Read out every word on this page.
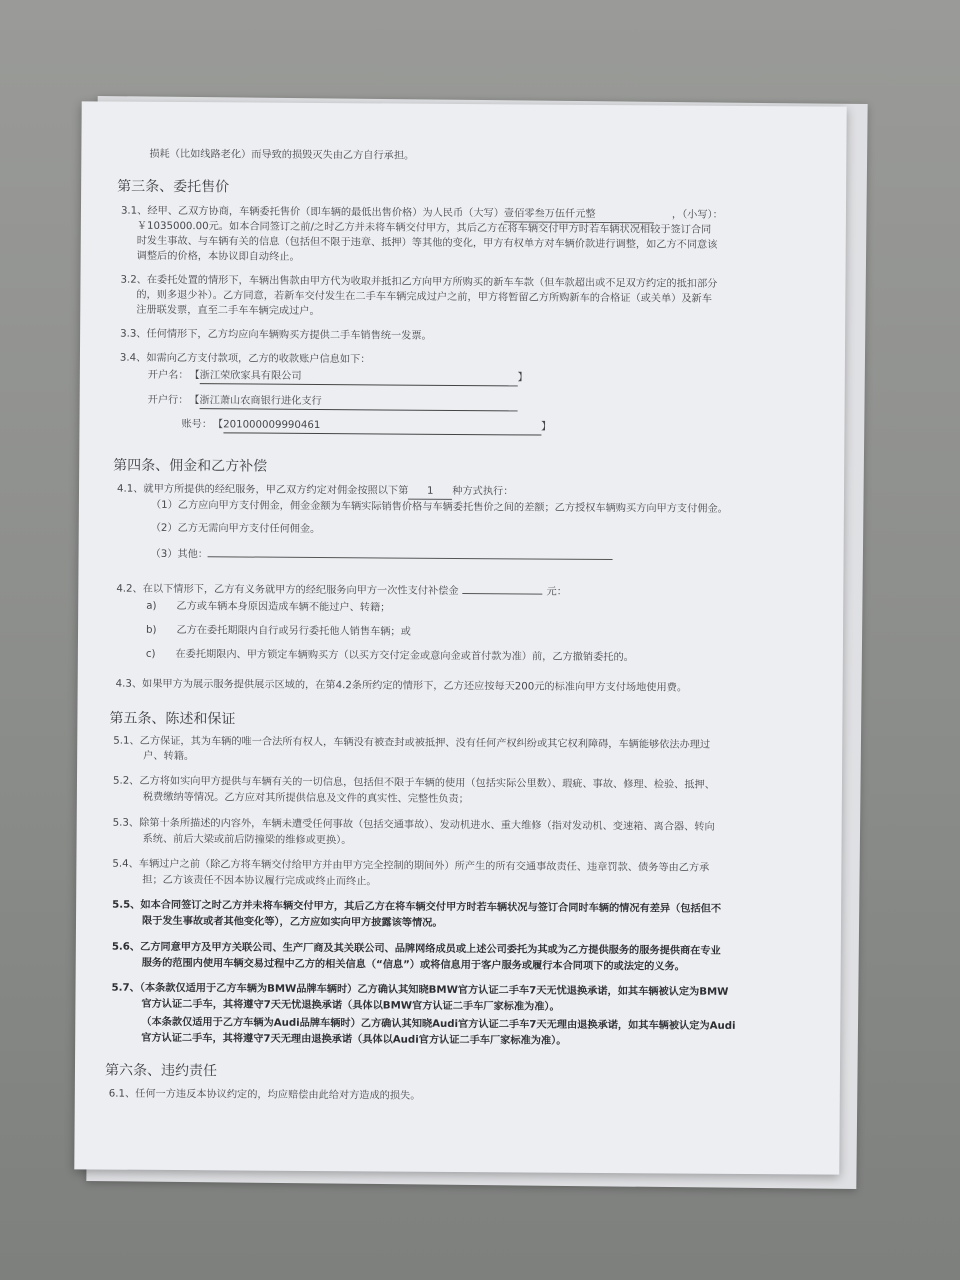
损耗（比如线路老化）而导致的损毁灭失由乙方自行承担。
第三条、委托售价
3.1、经甲、乙双方协商，车辆委托售价（即车辆的最低出售价格）为人民币（大写）壹佰零叁万伍仟元整	，（小写）：
￥1035000.00元。如本合同签订之前/之时乙方并未将车辆交付甲方，其后乙方在将车辆交付甲方时若车辆状况相较于签订合同
时发生事故、与车辆有关的信息（包括但不限于违章、抵押）等其他的变化，甲方有权单方对车辆价款进行调整，如乙方不同意该
调整后的价格，本协议即自动终止。
3.2、在委托处置的情形下，车辆出售款由甲方代为收取并抵扣乙方向甲方所购买的新车车款（但车款超出或不足双方约定的抵扣部分
的，则多退少补）。乙方同意，若新车交付发生在二手车车辆完成过户之前，甲方将暂留乙方所购新车的合格证（或关单）及新车
注册联发票，直至二手车车辆完成过户。
3.3、任何情形下，乙方均应向车辆购买方提供二手车销售统一发票。
3.4、如需向乙方支付款项，乙方的收款账户信息如下：
开户名： 【浙江荣欣家具有限公司	】
开户行： 【浙江萧山农商银行进化支行
账号： 【201000009990461	】
第四条、佣金和乙方补偿
4.1、就甲方所提供的经纪服务，甲乙双方约定对佣金按照以下第 1 种方式执行：
（1）乙方应向甲方支付佣金，佣金金额为车辆实际销售价格与车辆委托售价之间的差额；乙方授权车辆购买方向甲方支付佣金。
（2）乙方无需向甲方支付任何佣金。
（3）其他：
4.2、在以下情形下，乙方有义务就甲方的经纪服务向甲方一次性支付补偿金	元：
a) 乙方或车辆本身原因造成车辆不能过户、转籍；
b) 乙方在委托期限内自行或另行委托他人销售车辆；或
c) 在委托期限内、甲方锁定车辆购买方（以买方交付定金或意向金或首付款为准）前，乙方撤销委托的。
4.3、如果甲方为展示服务提供展示区域的，在第4.2条所约定的情形下，乙方还应按每天200元的标准向甲方支付场地使用费。
第五条、陈述和保证
5.1、乙方保证，其为车辆的唯一合法所有权人，车辆没有被查封或被抵押、没有任何产权纠纷或其它权利障碍，车辆能够依法办理过
户、转籍。
5.2、乙方将如实向甲方提供与车辆有关的一切信息，包括但不限于车辆的使用（包括实际公里数）、瑕疵、事故、修理、检验、抵押、
税费缴纳等情况。乙方应对其所提供信息及文件的真实性、完整性负责；
5.3、除第十条所描述的内容外，车辆未遭受任何事故（包括交通事故）、发动机进水、重大维修（指对发动机、变速箱、离合器、转向
系统、前后大梁或前后防撞梁的维修或更换）。
5.4、车辆过户之前（除乙方将车辆交付给甲方并由甲方完全控制的期间外）所产生的所有交通事故责任、违章罚款、债务等由乙方承
担；乙方该责任不因本协议履行完成或终止而终止。
5.5、如本合同签订之时乙方并未将车辆交付甲方，其后乙方在将车辆交付甲方时若车辆状况与签订合同时车辆的情况有差异（包括但不
限于发生事故或者其他变化等），乙方应如实向甲方披露该等情况。
5.6、乙方同意甲方及甲方关联公司、生产厂商及其关联公司、品牌网络成员或上述公司委托为其或为乙方提供服务的服务提供商在专业
服务的范围内使用车辆交易过程中乙方的相关信息（“信息”）或将信息用于客户服务或履行本合同项下的或法定的义务。
5.7、（本条款仅适用于乙方车辆为BMW品牌车辆时）乙方确认其知晓BMW官方认证二手车7天无忧退换承诺，如其车辆被认定为BMW
官方认证二手车，其将遵守7天无忧退换承诺（具体以BMW官方认证二手车厂家标准为准）。
（本条款仅适用于乙方车辆为Audi品牌车辆时）乙方确认其知晓Audi官方认证二手车7天无理由退换承诺，如其车辆被认定为Audi
官方认证二手车，其将遵守7天无理由退换承诺（具体以Audi官方认证二手车厂家标准为准）。
第六条、违约责任
6.1、任何一方违反本协议约定的，均应赔偿由此给对方造成的损失。
